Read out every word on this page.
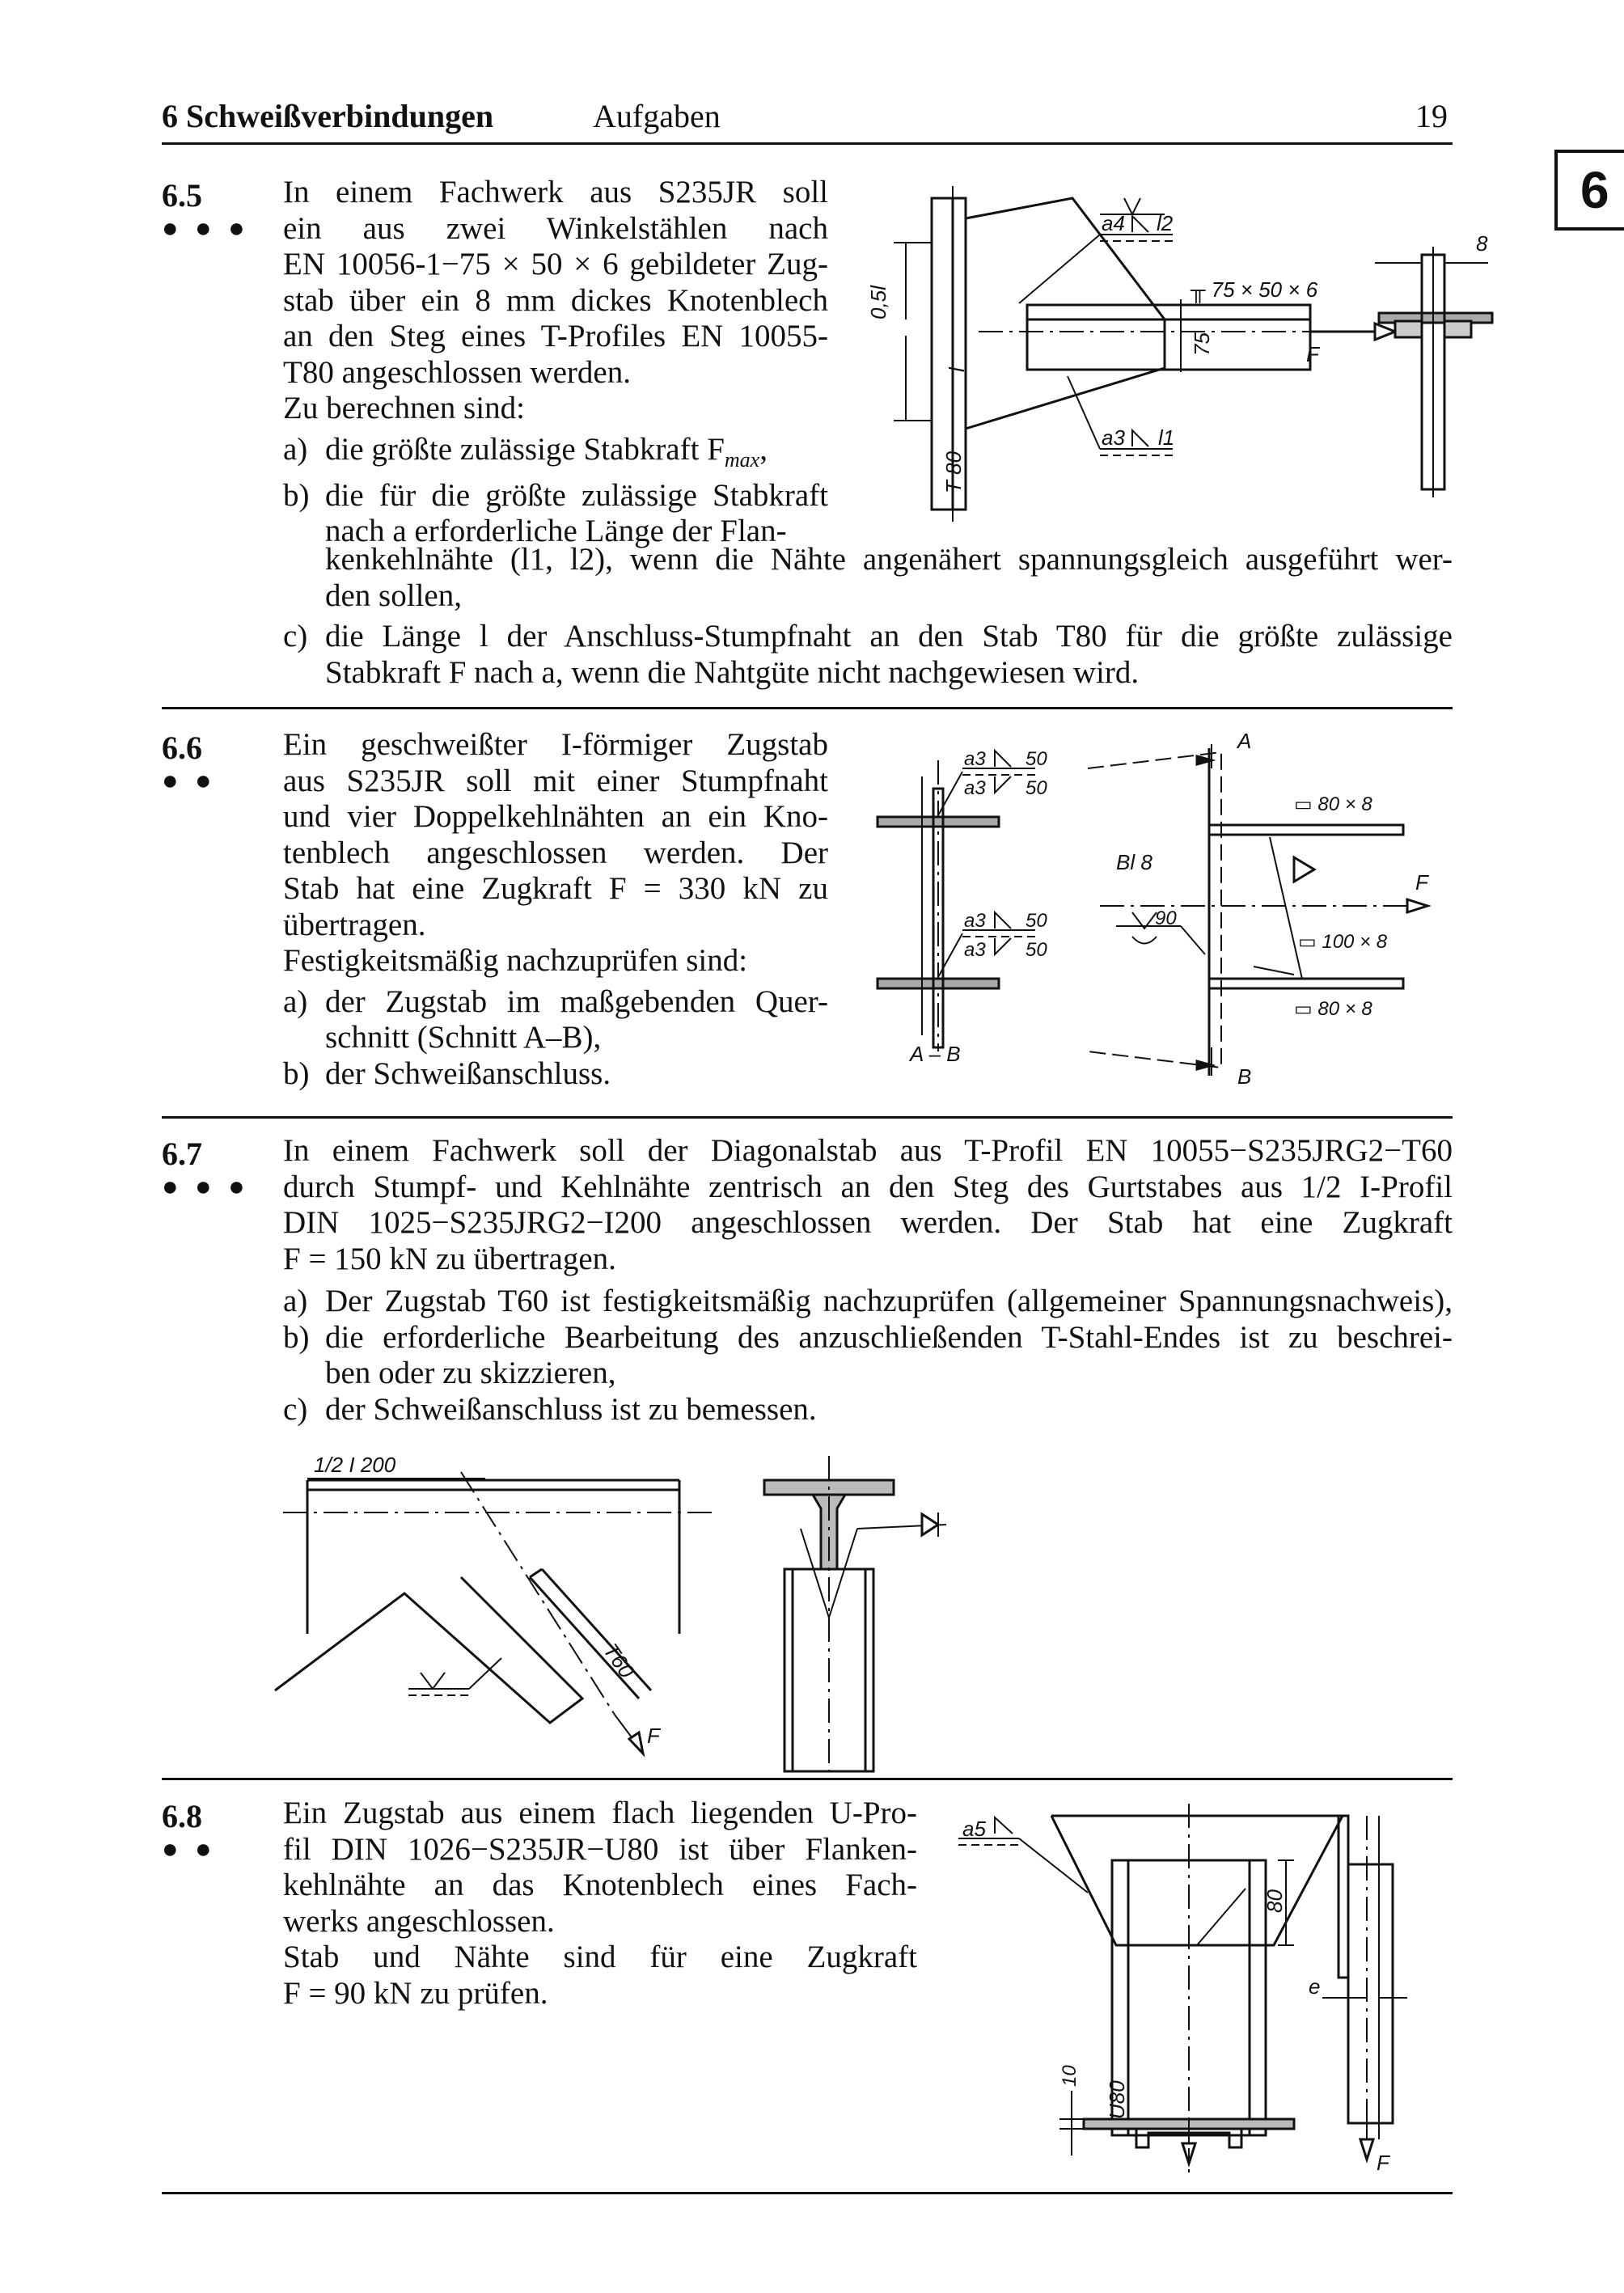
6 Schweißverbindungen	Aufgaben	19
6
6.5
● ● ●

In einem Fachwerk aus S235JR soll

ein aus zwei Winkelstählen nach

EN 10056-1−75 × 50 × 6 gebildeter Zug-

stab über ein 8 mm dickes Knotenblech

an den Steg eines T-Profiles EN 10055-

T80 angeschlossen werden.

Zu berechnen sind:

a) die größte zulässige Stabkraft $F_{max}$,
b) die für die größte zulässige Stabkraft

nach a erforderliche Länge der Flan-

kenkehlnähte (l1, l2), wenn die Nähte angenähert spannungsgleich ausgeführt wer-

den sollen,

c) die Länge l der Anschluss-Stumpfnaht an den Stab T80 für die größte zulässige

Stabkraft F nach a, wenn die Nahtgüte nicht nachgewiesen wird.

0,5l
l
T 80
a4 l2
a3 l1
╥ 75 × 50 × 6
75	F
8
6.6
● ●

Ein geschweißter I-förmiger Zugstab

aus S235JR soll mit einer Stumpfnaht

und vier Doppelkehlnähten an ein Kno-

tenblech angeschlossen werden. Der

Stab hat eine Zugkraft F = 330 kN zu

übertragen.

Festigkeitsmäßig nachzuprüfen sind:

a) der Zugstab im maßgebenden Quer-

schnitt (Schnitt A–B),

b) der Schweißanschluss.
a3
a3
50
50
a3
a3
50
50
A – B
F
A
B
Bl 8
90
▭ 80 × 8
▭ 100 × 8
▭ 80 × 8
6.7
● ● ●

In einem Fachwerk soll der Diagonalstab aus T-Profil EN 10055−S235JRG2−T60

durch Stumpf- und Kehlnähte zentrisch an den Steg des Gurtstabes aus 1/2 I-Profil

DIN 1025−S235JRG2−I200 angeschlossen werden. Der Stab hat eine Zugkraft

F = 150 kN zu übertragen.

a) Der Zugstab T60 ist festigkeitsmäßig nachzuprüfen (allgemeiner Spannungsnachweis),
b) die erforderliche Bearbeitung des anzuschließenden T-Stahl-Endes ist zu beschrei-

ben oder zu skizzieren,

c) der Schweißanschluss ist zu bemessen.
1/2 I 200
T60
F
6.8
● ●

Ein Zugstab aus einem flach liegenden U-Pro-

fil DIN 1026−S235JR−U80 ist über Flanken-

kehlnähte an das Knotenblech eines Fach-

werks angeschlossen.

Stab und Nähte sind für eine Zugkraft

F = 90 kN zu prüfen.

a5
80
U80
e
F
10
